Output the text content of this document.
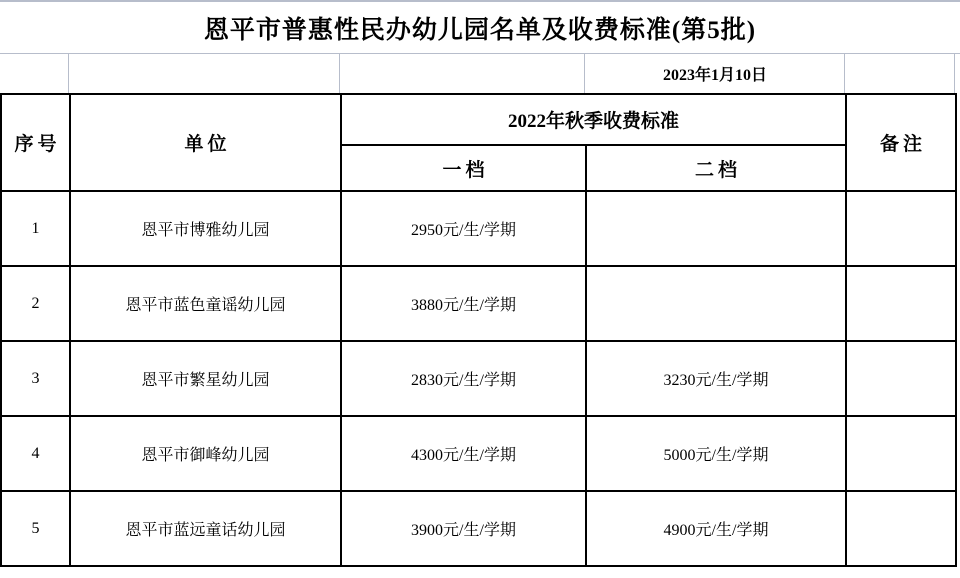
恩平市普惠性民办幼儿园名单及收费标准(第5批)
2023年1月10日
序号	单位	2022年秋季收费标准		备注
		一档	二档	
1	恩平市博雅幼儿园	2950元/生/学期		
2	恩平市蓝色童谣幼儿园	3880元/生/学期		
3	恩平市繁星幼儿园	2830元/生/学期	3230元/生/学期	
4	恩平市御峰幼儿园	4300元/生/学期	5000元/生/学期	
5	恩平市蓝远童话幼儿园	3900元/生/学期	4900元/生/学期	
